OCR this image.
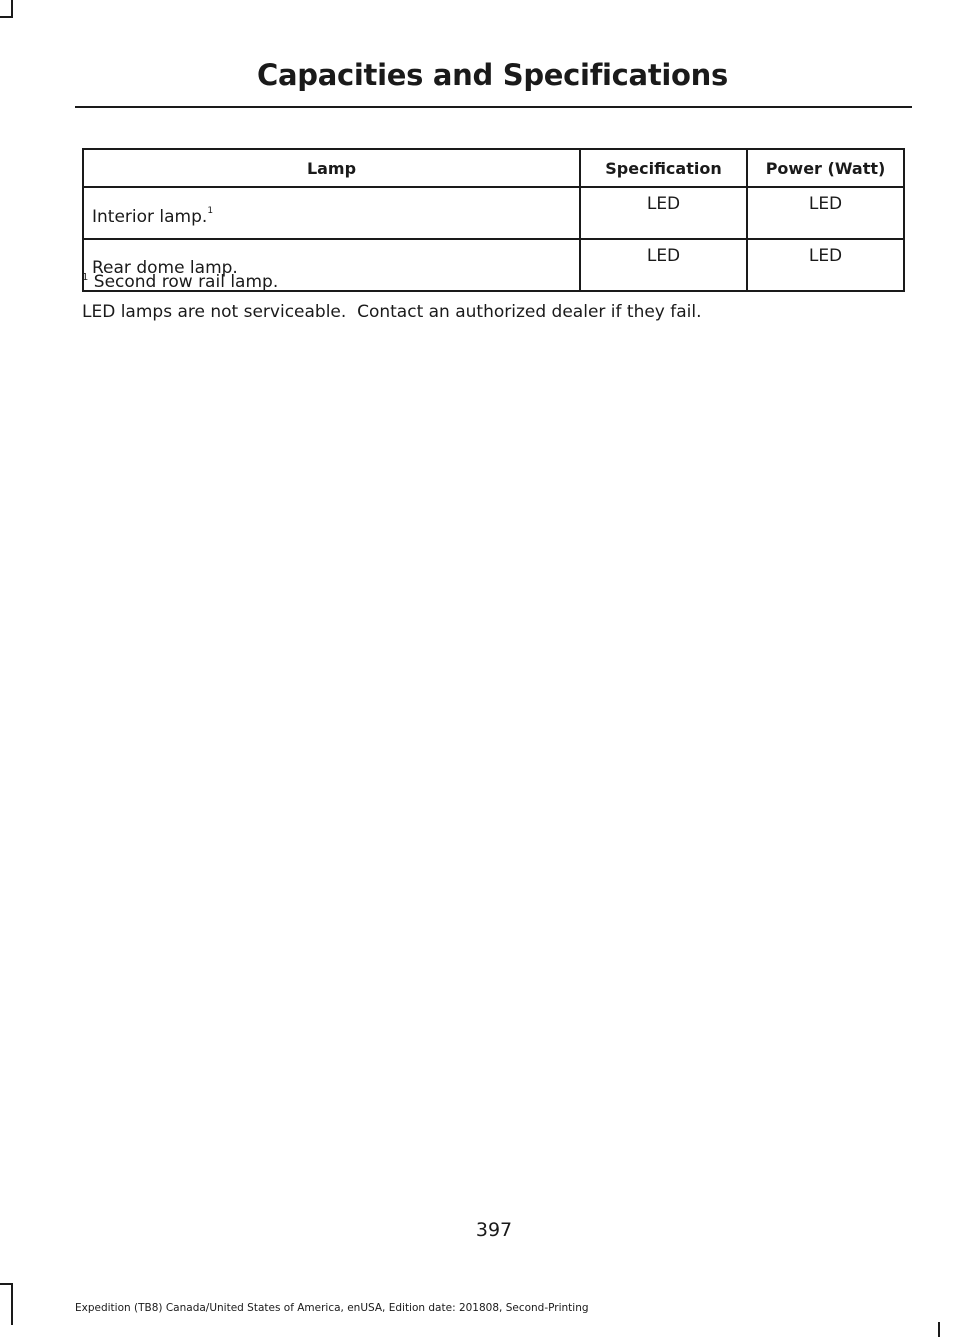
Capacities and Specifications
Lamp	Specification	Power (Watt)
Interior lamp.$^1$	LED	LED
Rear dome lamp.	LED	LED
$^1$ Second row rail lamp.
LED lamps are not serviceable.  Contact an authorized dealer if they fail.
397
Expedition (TB8) Canada/United States of America, enUSA, Edition date: 201808, Second-Printing
